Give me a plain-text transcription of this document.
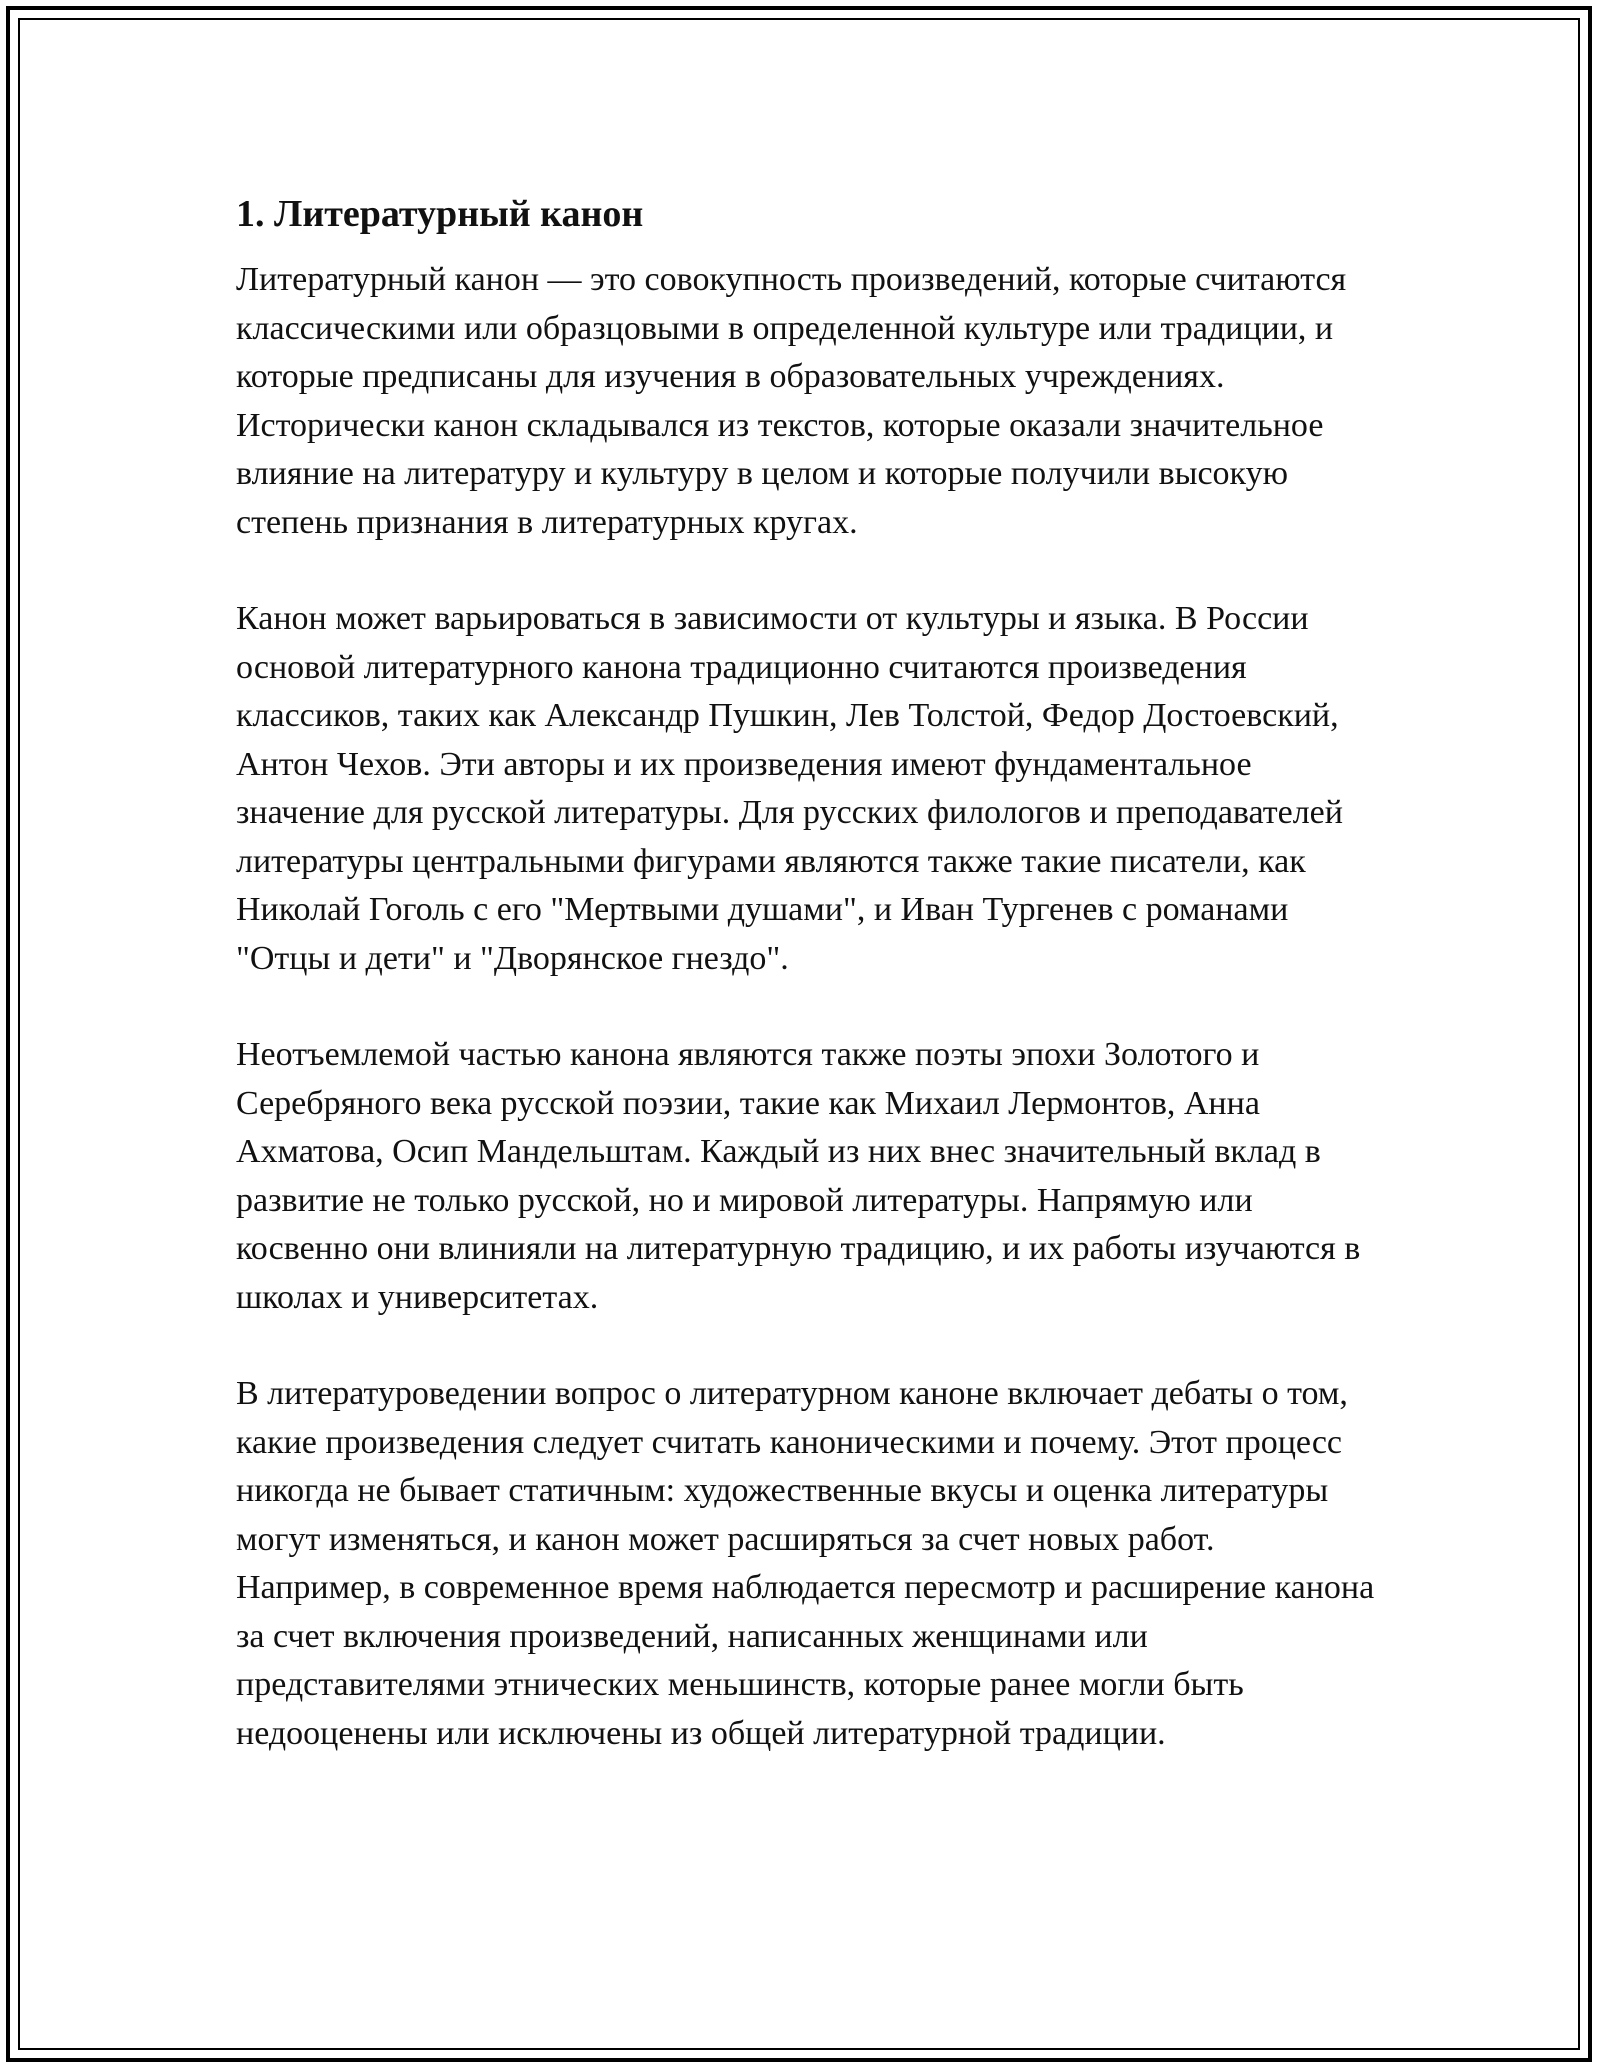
1. Литературный канон

Литературный канон — это совокупность произведений, которые считаются классическими или образцовыми в определенной культуре или традиции, и которые предписаны для изучения в образовательных учреждениях. Исторически канон складывался из текстов, которые оказали значительное влияние на литературу и культуру в целом и которые получили высокую степень признания в литературных кругах.

Канон может варьироваться в зависимости от культуры и языка. В России основой литературного канона традиционно считаются произведения классиков, таких как Александр Пушкин, Лев Толстой, Федор Достоевский, Антон Чехов. Эти авторы и их произведения имеют фундаментальное значение для русской литературы. Для русских филологов и преподавателей литературы центральными фигурами являются также такие писатели, как Николай Гоголь с его "Мертвыми душами", и Иван Тургенев с романами "Отцы и дети" и "Дворянское гнездо".

Неотъемлемой частью канона являются также поэты эпохи Золотого и Серебряного века русской поэзии, такие как Михаил Лермонтов, Анна Ахматова, Осип Мандельштам. Каждый из них внес значительный вклад в развитие не только русской, но и мировой литературы. Напрямую или косвенно они влинияли на литературную традицию, и их работы изучаются в школах и университетах.

В литературоведении вопрос о литературном каноне включает дебаты о том, какие произведения следует считать каноническими и почему. Этот процесс никогда не бывает статичным: художественные вкусы и оценка литературы могут изменяться, и канон может расширяться за счет новых работ. Например, в современное время наблюдается пересмотр и расширение канона за счет включения произведений, написанных женщинами или представителями этнических меньшинств, которые ранее могли быть недооценены или исключены из общей литературной традиции.
